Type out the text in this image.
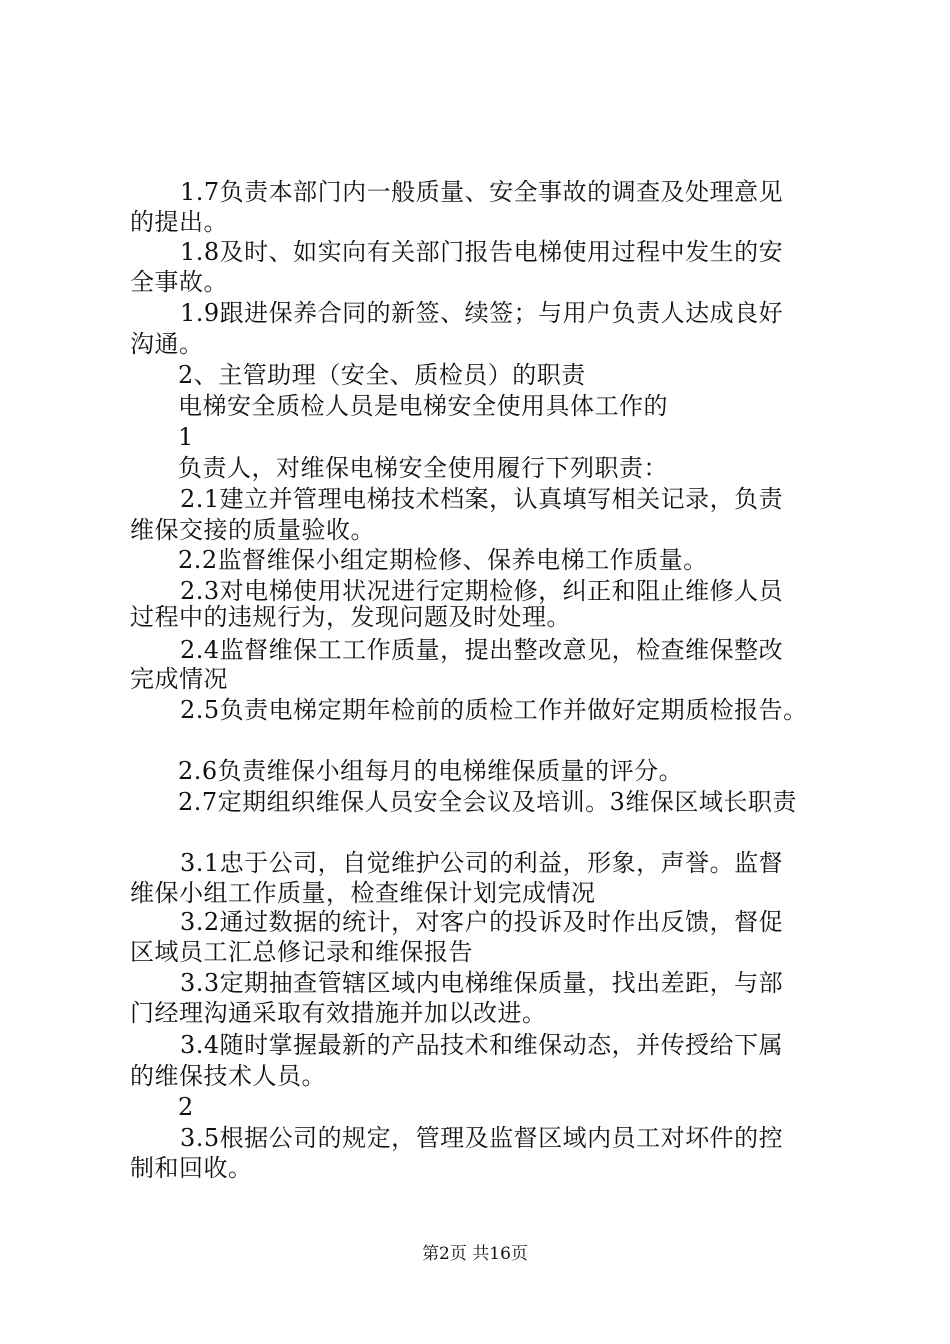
1.7负责本部门内一般质量、安全事故的调查及处理意见
的提出。
1.8及时、如实向有关部门报告电梯使用过程中发生的安
全事故。
1.9跟进保养合同的新签、续签；与用户负责人达成良好
沟通。
2、主管助理（安全、质检员）的职责
电梯安全质检人员是电梯安全使用具体工作的
1
负责人，对维保电梯安全使用履行下列职责：
2.1建立并管理电梯技术档案，认真填写相关记录，负责
维保交接的质量验收。
2.2监督维保小组定期检修、保养电梯工作质量。
2.3对电梯使用状况进行定期检修，纠正和阻止维修人员
过程中的违规行为，发现问题及时处理。
2.4监督维保工工作质量，提出整改意见，检查维保整改
完成情况
2.5负责电梯定期年检前的质检工作并做好定期质检报告。
2.6负责维保小组每月的电梯维保质量的评分。
2.7定期组织维保人员安全会议及培训。3维保区域长职责
3.1忠于公司，自觉维护公司的利益，形象，声誉。监督
维保小组工作质量，检查维保计划完成情况
3.2通过数据的统计，对客户的投诉及时作出反馈，督促
区域员工汇总修记录和维保报告
3.3定期抽查管辖区域内电梯维保质量，找出差距，与部
门经理沟通采取有效措施并加以改进。
3.4随时掌握最新的产品技术和维保动态，并传授给下属
的维保技术人员。
2
3.5根据公司的规定，管理及监督区域内员工对坏件的控
制和回收。
第2页 共16页
